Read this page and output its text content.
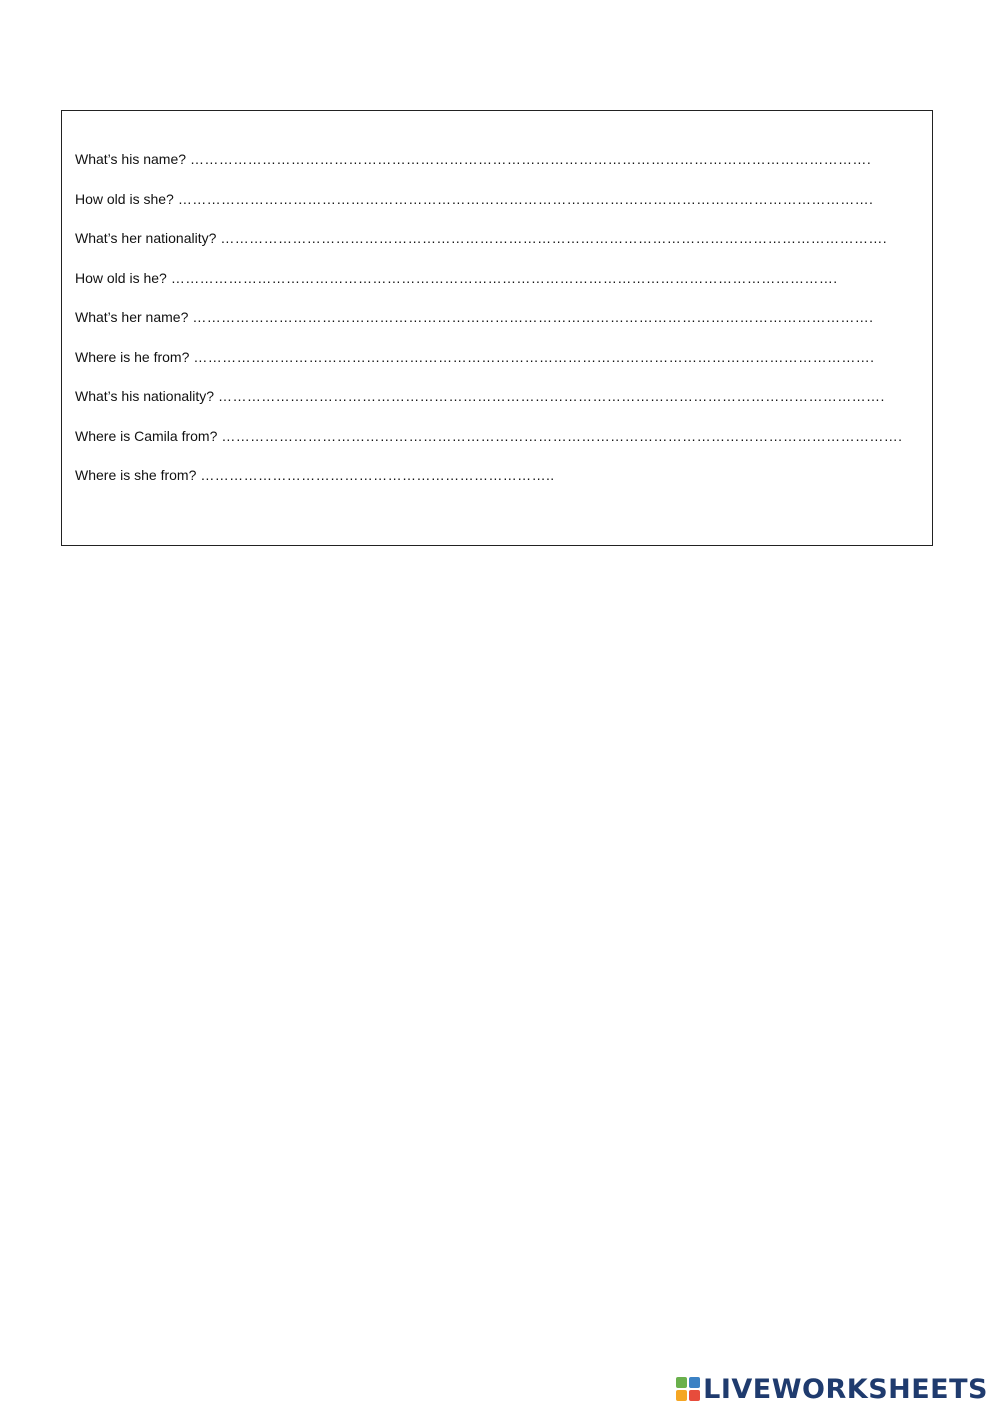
What’s his name? …………………………………………………………………………………………………………………………….
How old is she? ……………………………………………………………………………………………………………………………….
What’s her nationality? ………………………………………………………………………………………………………………………….
How old is he? ………………………………………………………………………………………………………………………….
What’s her name? …………………………………………………………………………………………………………………………….
Where is he from? …………………………………………………………………………………………………………………………….
What’s his nationality? ………………………………………………………………………………………………………………………….
Where is Camila from? …………………………………………………………………………………………………………………………….
Where is she from? ………………………………………………………………..
LIVEWORKSHEETS
